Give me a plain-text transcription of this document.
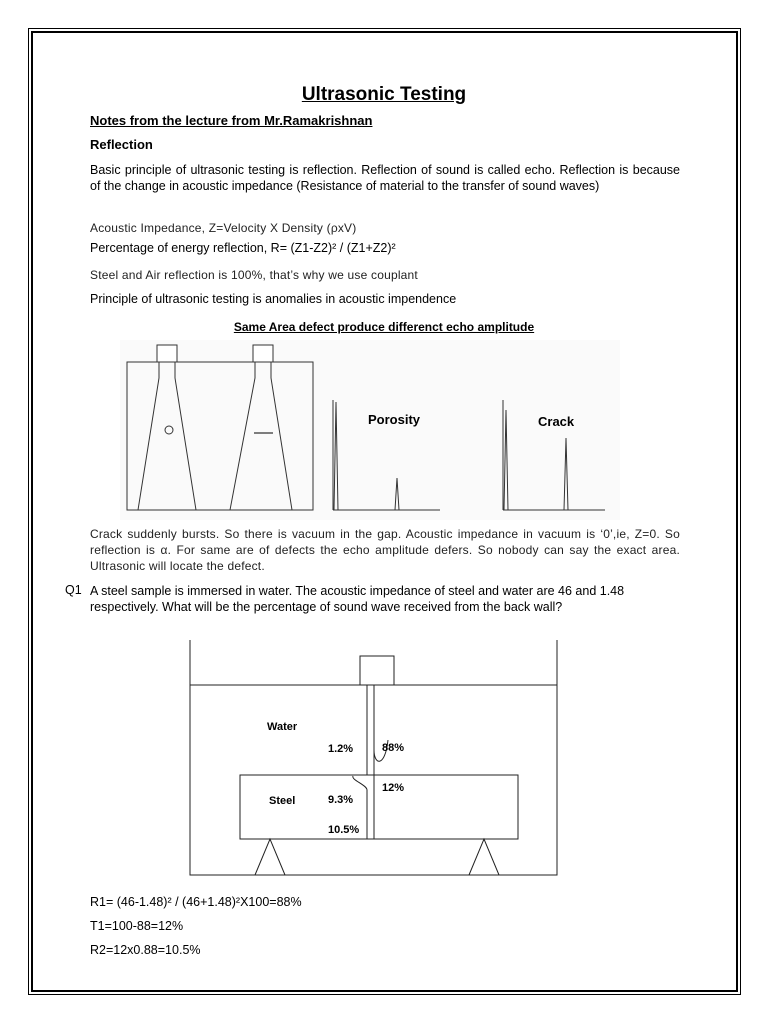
Ultrasonic Testing
Notes from the lecture from Mr.Ramakrishnan
Reflection
Basic principle of ultrasonic testing is reflection. Reflection of sound is called echo. Reflection is because of the change in acoustic impedance (Resistance of material to the transfer of sound waves)
Acoustic Impedance, Z=Velocity X Density (ρxV)
Percentage of energy reflection, R= (Z1-Z2)² / (Z1+Z2)²
Steel and Air reflection is 100%, that’s why we use couplant
Principle of ultrasonic testing is anomalies in acoustic impendence
Same Area defect produce differenct echo amplitude
Porosity	Crack
Crack suddenly bursts. So there is vacuum in the gap. Acoustic impedance in vacuum is ‘0’,ie, Z=0. So reflection is α. For same are of defects the echo amplitude defers. So nobody can say the exact area. Ultrasonic will locate the defect.
Q1 A steel sample is immersed in water. The acoustic impedance of steel and water are 46 and 1.48 respectively. What will be the percentage of sound wave received from the back wall?
Water
Steel
1.2%	88%
12%
9.3%
10.5%
R1= (46-1.48)² / (46+1.48)²X100=88%
T1=100-88=12%
R2=12x0.88=10.5%
